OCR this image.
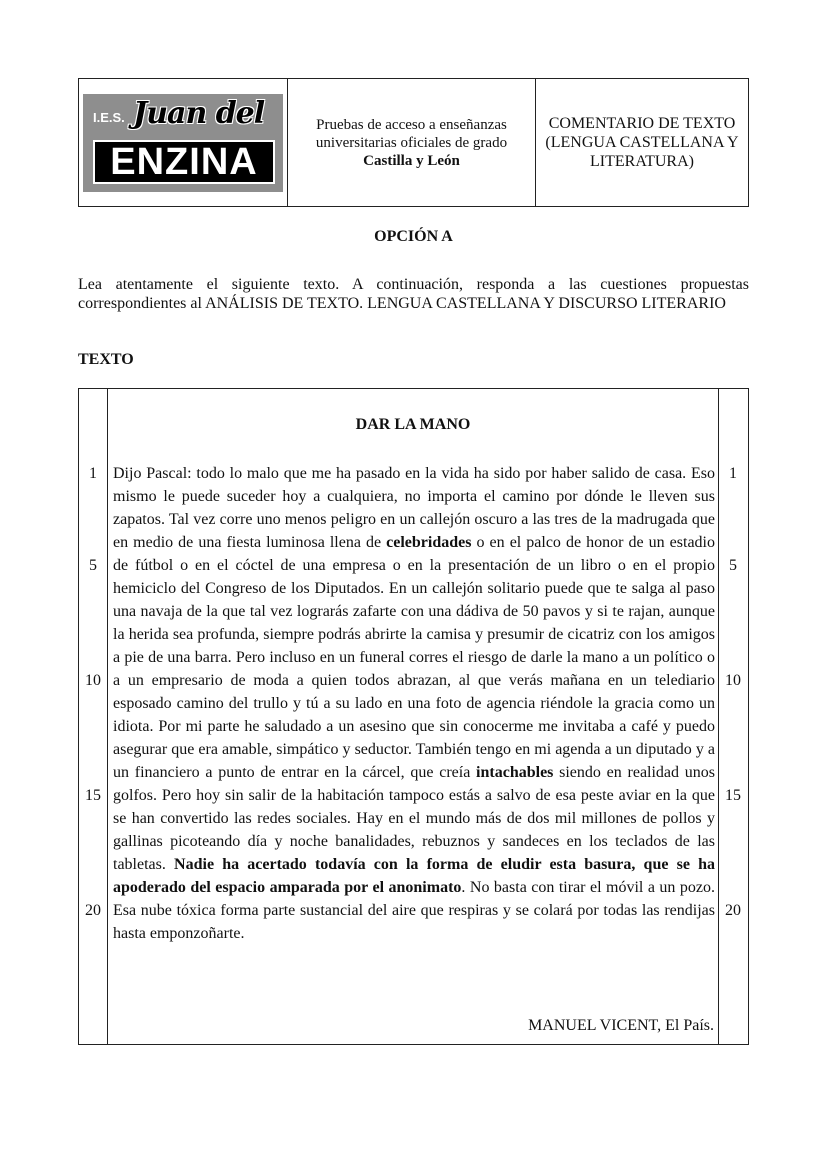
I.E.S. Juan del
ENZINA
Pruebas de acceso a enseñanzas
universitarias oficiales de grado
Castilla y León
COMENTARIO DE TEXTO
(LENGUA CASTELLANA Y
LITERATURA)
OPCIÓN A
Lea atentamente el siguiente texto. A continuación, responda a las cuestiones propuestas correspondientes al ANÁLISIS DE TEXTO. LENGUA CASTELLANA Y DISCURSO LITERARIO
TEXTO
DAR LA MANO
1
5
10
15
20
1
5
10
15
20

Dijo Pascal: todo lo malo que me ha pasado en la vida ha sido por haber salido de casa. Eso mismo le puede suceder hoy a cualquiera, no importa el camino por dónde le lleven sus zapatos. Tal vez corre uno menos peligro en un callejón oscuro a las tres de la madrugada que en medio de una fiesta luminosa llena de celebridades o en el palco de honor de un estadio de fútbol o en el cóctel de una empresa o en la presentación de un libro o en el propio hemiciclo del Congreso de los Diputados. En un callejón solitario puede que te salga al paso una navaja de la que tal vez lograrás zafarte con una dádiva de 50 pavos y si te rajan, aunque la herida sea profunda, siempre podrás abrirte la camisa y presumir de cicatriz con los amigos a pie de una barra. Pero incluso en un funeral corres el riesgo de darle la mano a un político o a un empresario de moda a quien todos abrazan, al que verás mañana en un telediario esposado camino del trullo y tú a su lado en una foto de agencia riéndole la gracia como un idiota. Por mi parte he saludado a un asesino que sin conocerme me invitaba a café y puedo asegurar que era amable, simpático y seductor. También tengo en mi agenda a un diputado y a un financiero a punto de entrar en la cárcel, que creía intachables siendo en realidad unos golfos. Pero hoy sin salir de la habitación tampoco estás a salvo de esa peste aviar en la que se han convertido las redes sociales. Hay en el mundo más de dos mil millones de pollos y gallinas picoteando día y noche banalidades, rebuznos y sandeces en los teclados de las tabletas. Nadie ha acertado todavía con la forma de eludir esta basura, que se ha apoderado del espacio amparada por el anonimato. No basta con tirar el móvil a un pozo. Esa nube tóxica forma parte sustancial del aire que respiras y se colará por todas las rendijas hasta emponzoñarte.

MANUEL VICENT, El País.
